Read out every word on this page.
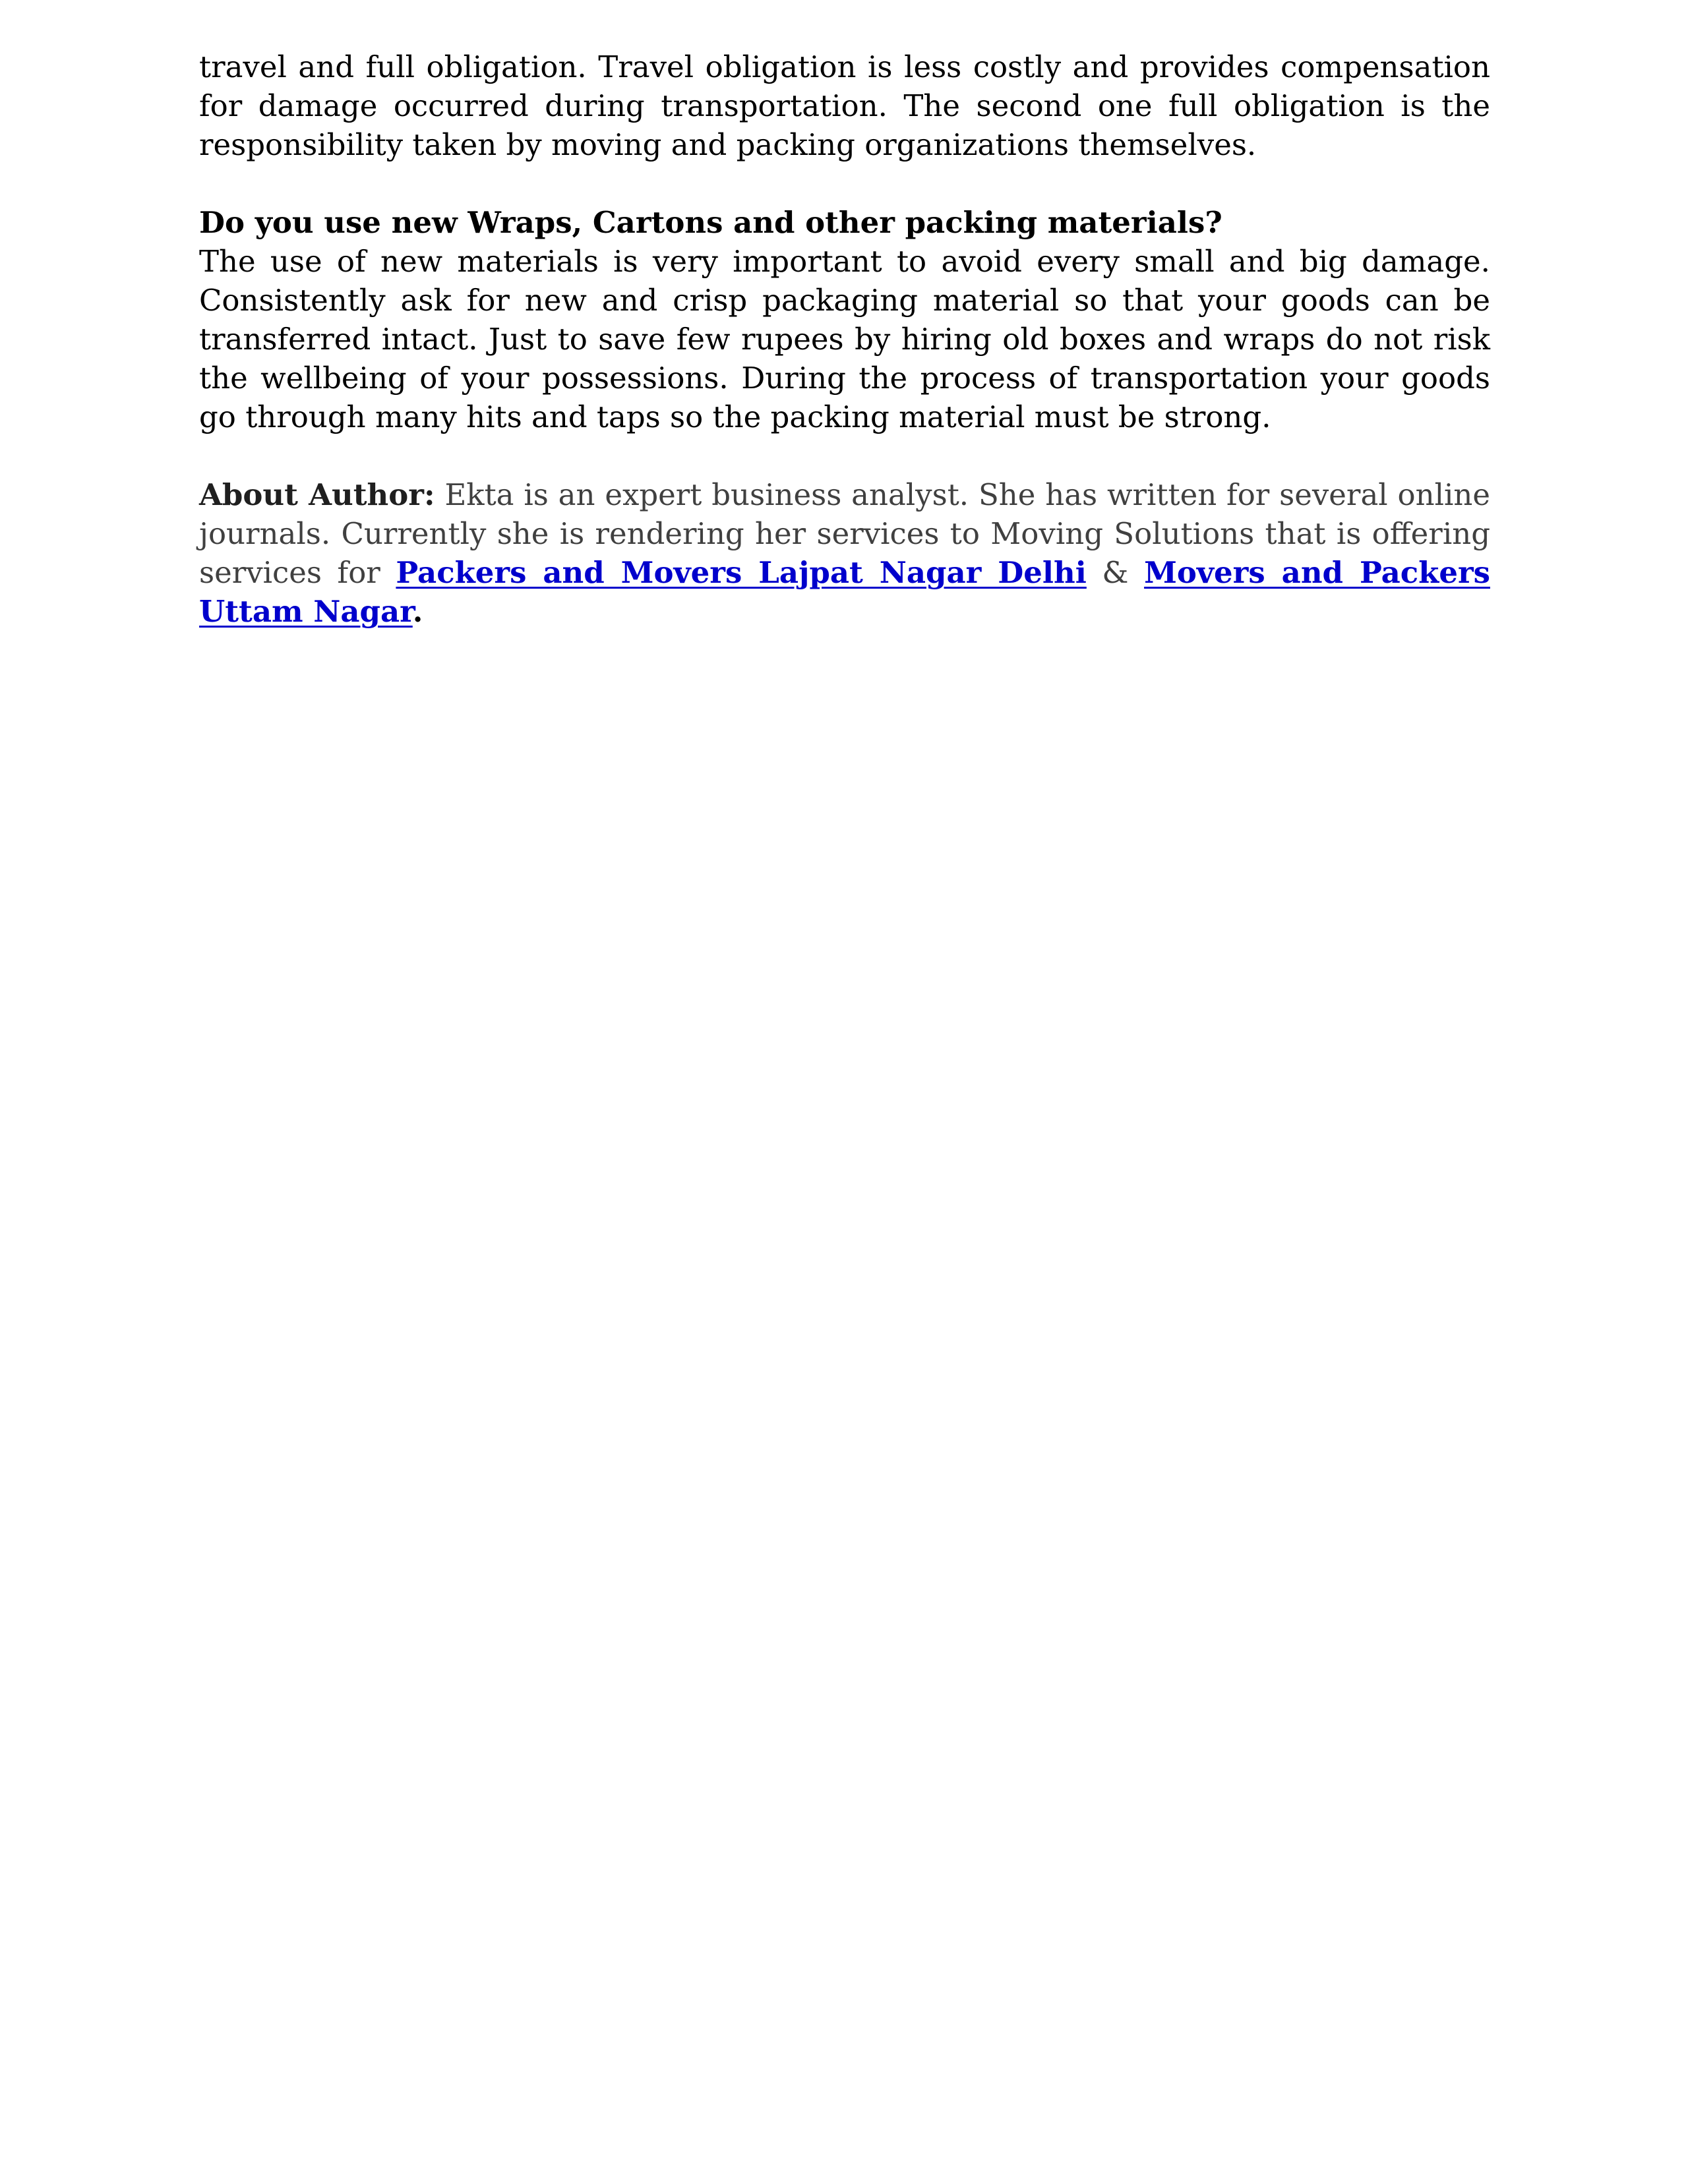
travel and full obligation. Travel obligation is less costly and provides compensation for damage occurred during transportation. The second one full obligation is the responsibility taken by moving and packing organizations themselves.

Do you use new Wraps, Cartons and other packing materials?

The use of new materials is very important to avoid every small and big damage. Consistently ask for new and crisp packaging material so that your goods can be transferred intact. Just to save few rupees by hiring old boxes and wraps do not risk the wellbeing of your possessions. During the process of transportation your goods go through many hits and taps so the packing material must be strong.

About Author: Ekta is an expert business analyst. She has written for several online journals. Currently she is rendering her services to Moving Solutions that is offering services for Packers and Movers Lajpat Nagar Delhi & Movers and Packers Uttam Nagar.
